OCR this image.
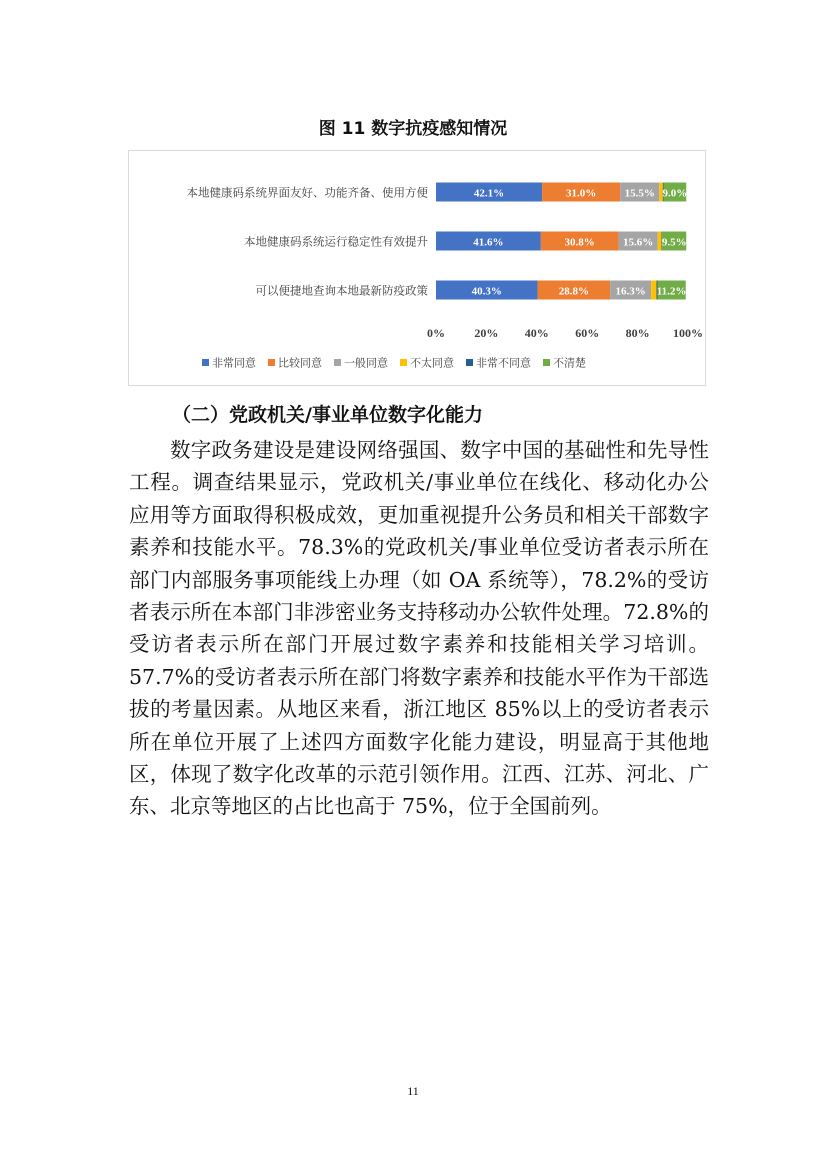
图 11 数字抗疫感知情况
本地健康码系统界面友好、功能齐备、使用方便
本地健康码系统运行稳定性有效提升
可以便捷地查询本地最新防疫政策
42.1%	31.0%	15.5% 9.0%
41.6%	30.8%	15.6% 9.5%
40.3%	28.8% 16.3% 11.2%
0% 20% 40% 60% 80% 100%
非常同意 比较同意 一般同意 不太同意 非常不同意 不清楚
（二）党政机关/事业单位数字化能力

数字政务建设是建设网络强国、数字中国的基础性和先导性工程。调查结果显示，党政机关/事业单位在线化、移动化办公应用等方面取得积极成效，更加重视提升公务员和相关干部数字素养和技能水平。78.3%的党政机关/事业单位受访者表示所在部门内部服务事项能线上办理（如 OA 系统等），78.2%的受访者表示所在本部门非涉密业务支持移动办公软件处理。72.8%的受访者表示所在部门开展过数字素养和技能相关学习培训。57.7%的受访者表示所在部门将数字素养和技能水平作为干部选拔的考量因素。从地区来看，浙江地区 85%以上的受访者表示所在单位开展了上述四方面数字化能力建设，明显高于其他地区，体现了数字化改革的示范引领作用。江西、江苏、河北、广东、北京等地区的占比也高于 75%，位于全国前列。

11
